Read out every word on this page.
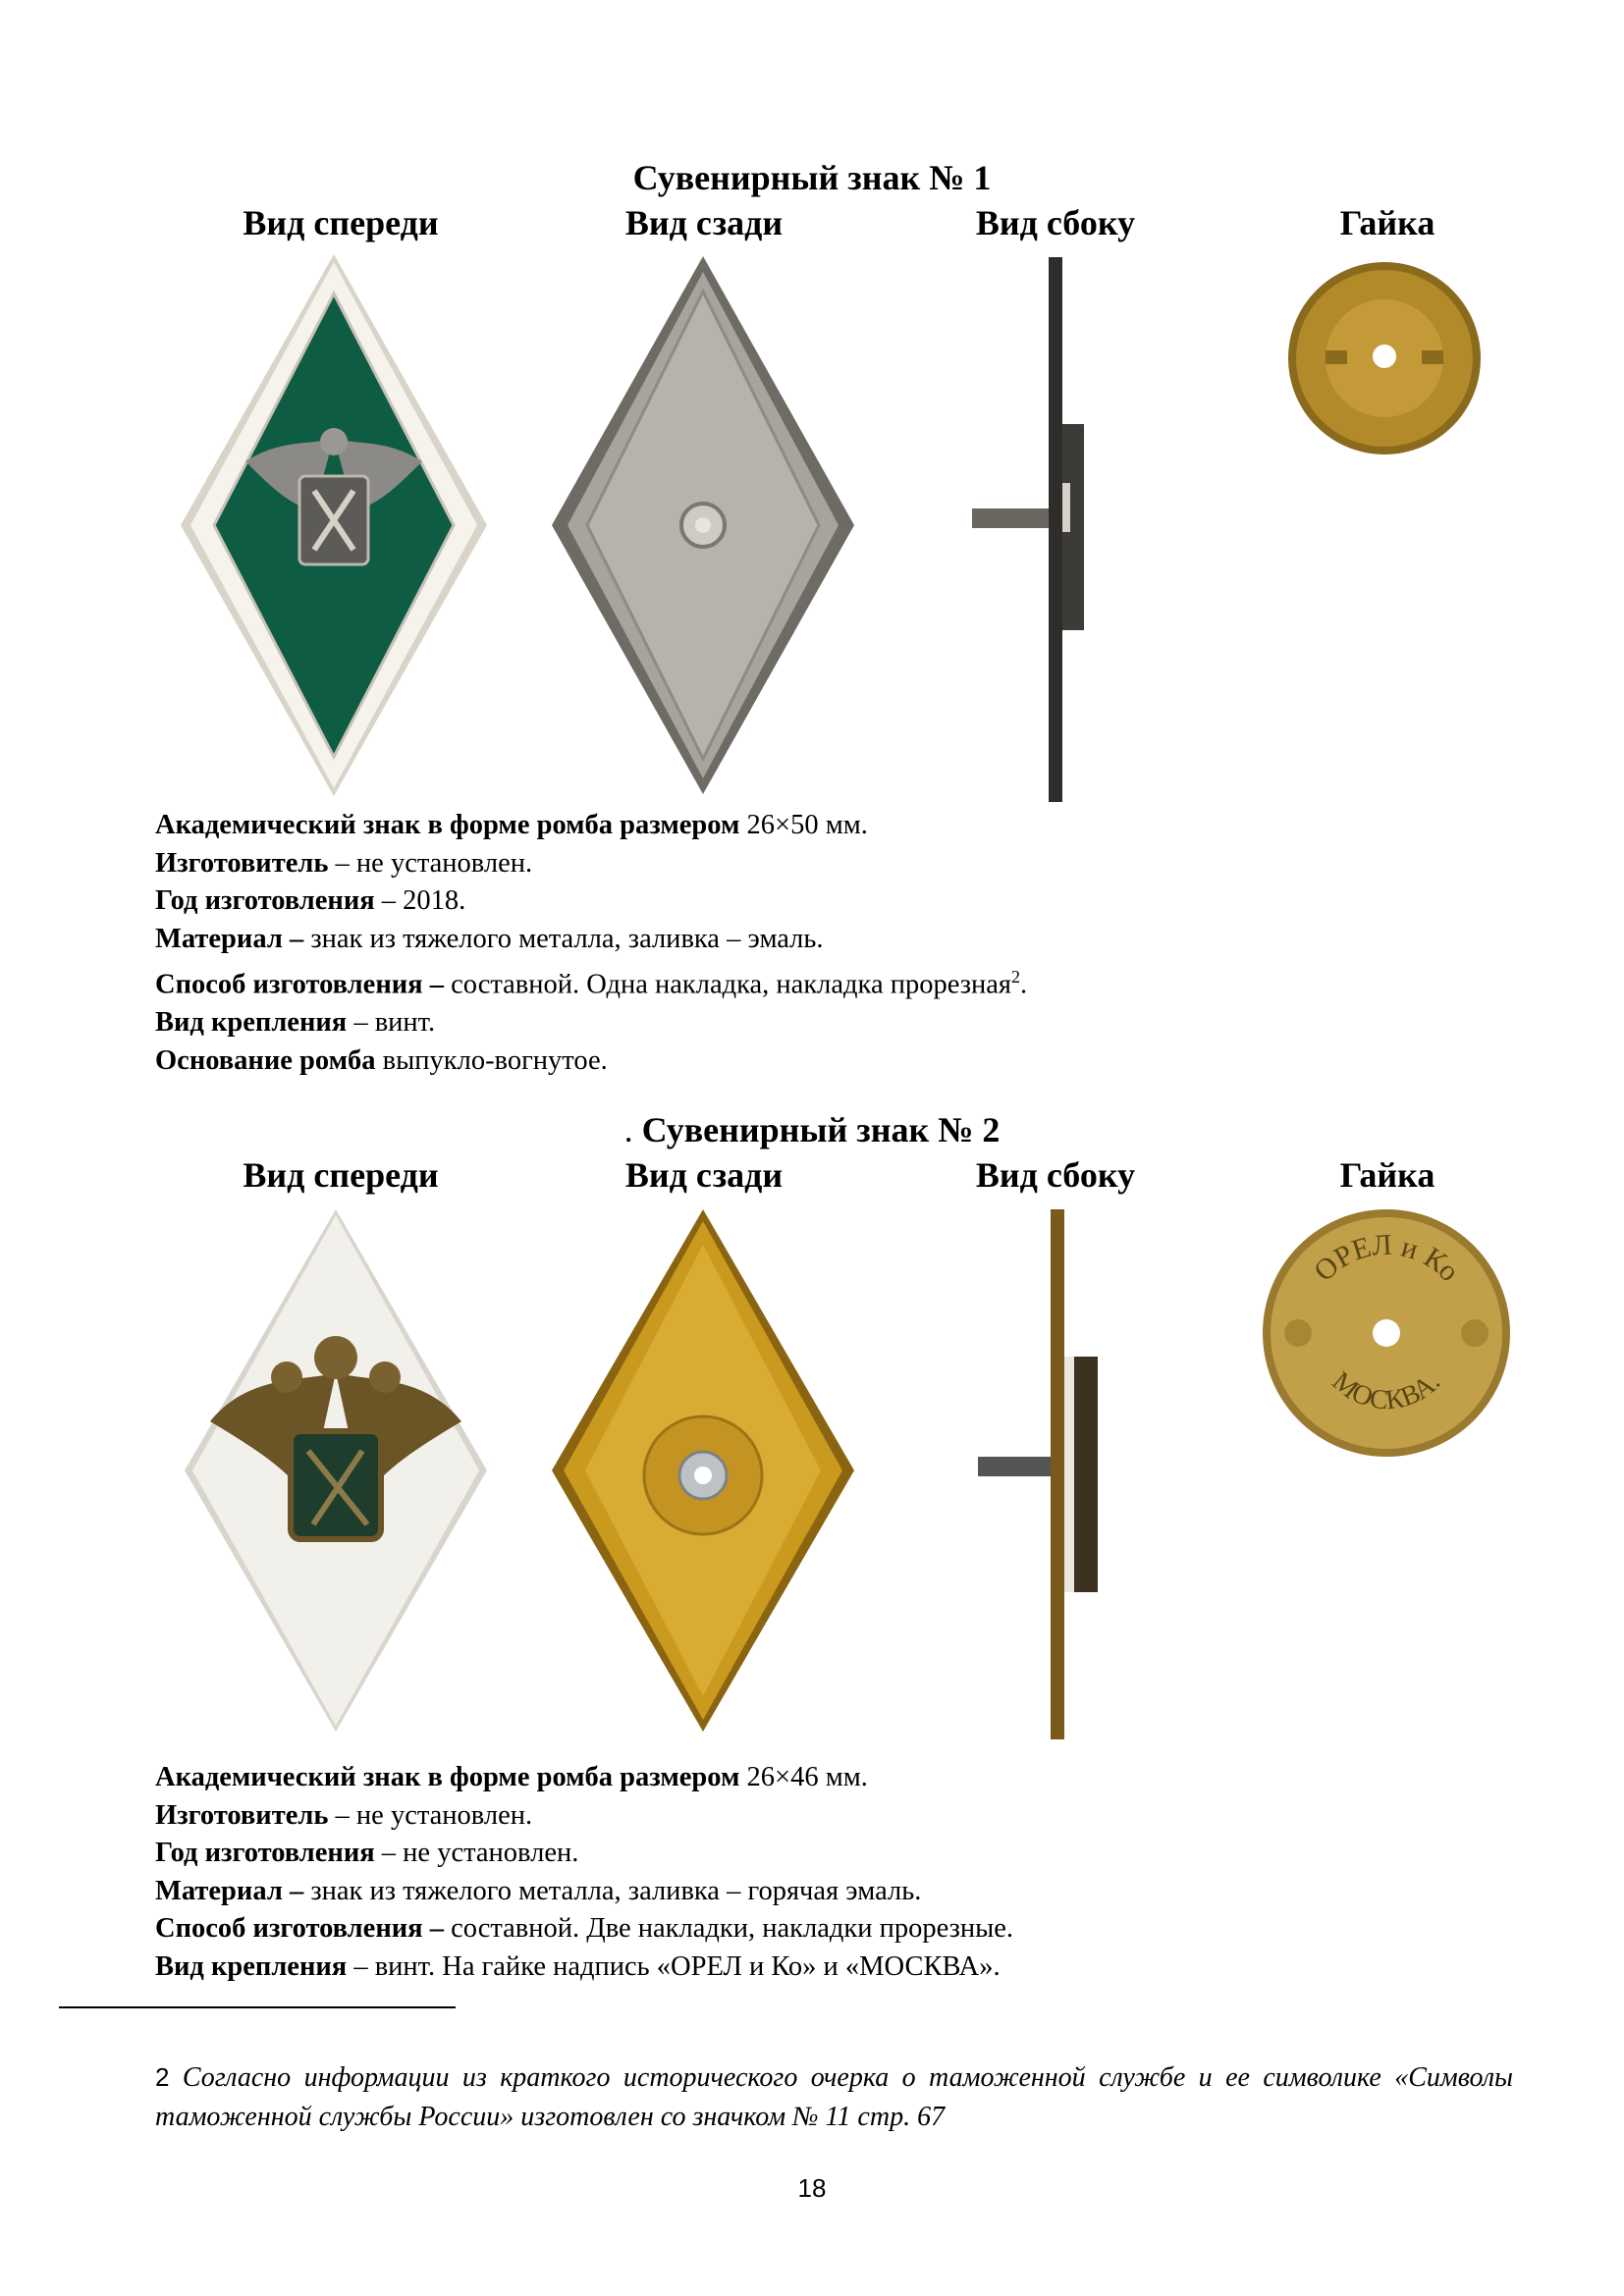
Сувенирный знак № 1
Вид спереди	Вид сзади	Вид сбоку	Гайка

Академический знак в форме ромба размером 26×50 мм.

Изготовитель – не установлен.

Год изготовления – 2018.

Материал – знак из тяжелого металла, заливка – эмаль.

Способ изготовления – составной. Одна накладка, накладка прорезная$^2$.

Вид крепления – винт.

Основание ромба выпукло-вогнутое.

. Сувенирный знак № 2
Вид спереди	Вид сзади	Вид сбоку	Гайка
ОРЕЛ и Ко
МОСКВА.

Академический знак в форме ромба размером 26×46 мм.

Изготовитель – не установлен.

Год изготовления – не установлен.

Материал – знак из тяжелого металла, заливка – горячая эмаль.

Способ изготовления – составной. Две накладки, накладки прорезные.

Вид крепления – винт. На гайке надпись «ОРЕЛ и Ко» и «МОСКВА».

2 Согласно информации из краткого исторического очерка о таможенной службе и ее символике «Символы таможенной службы России» изготовлен со значком № 11 стр. 67
18
